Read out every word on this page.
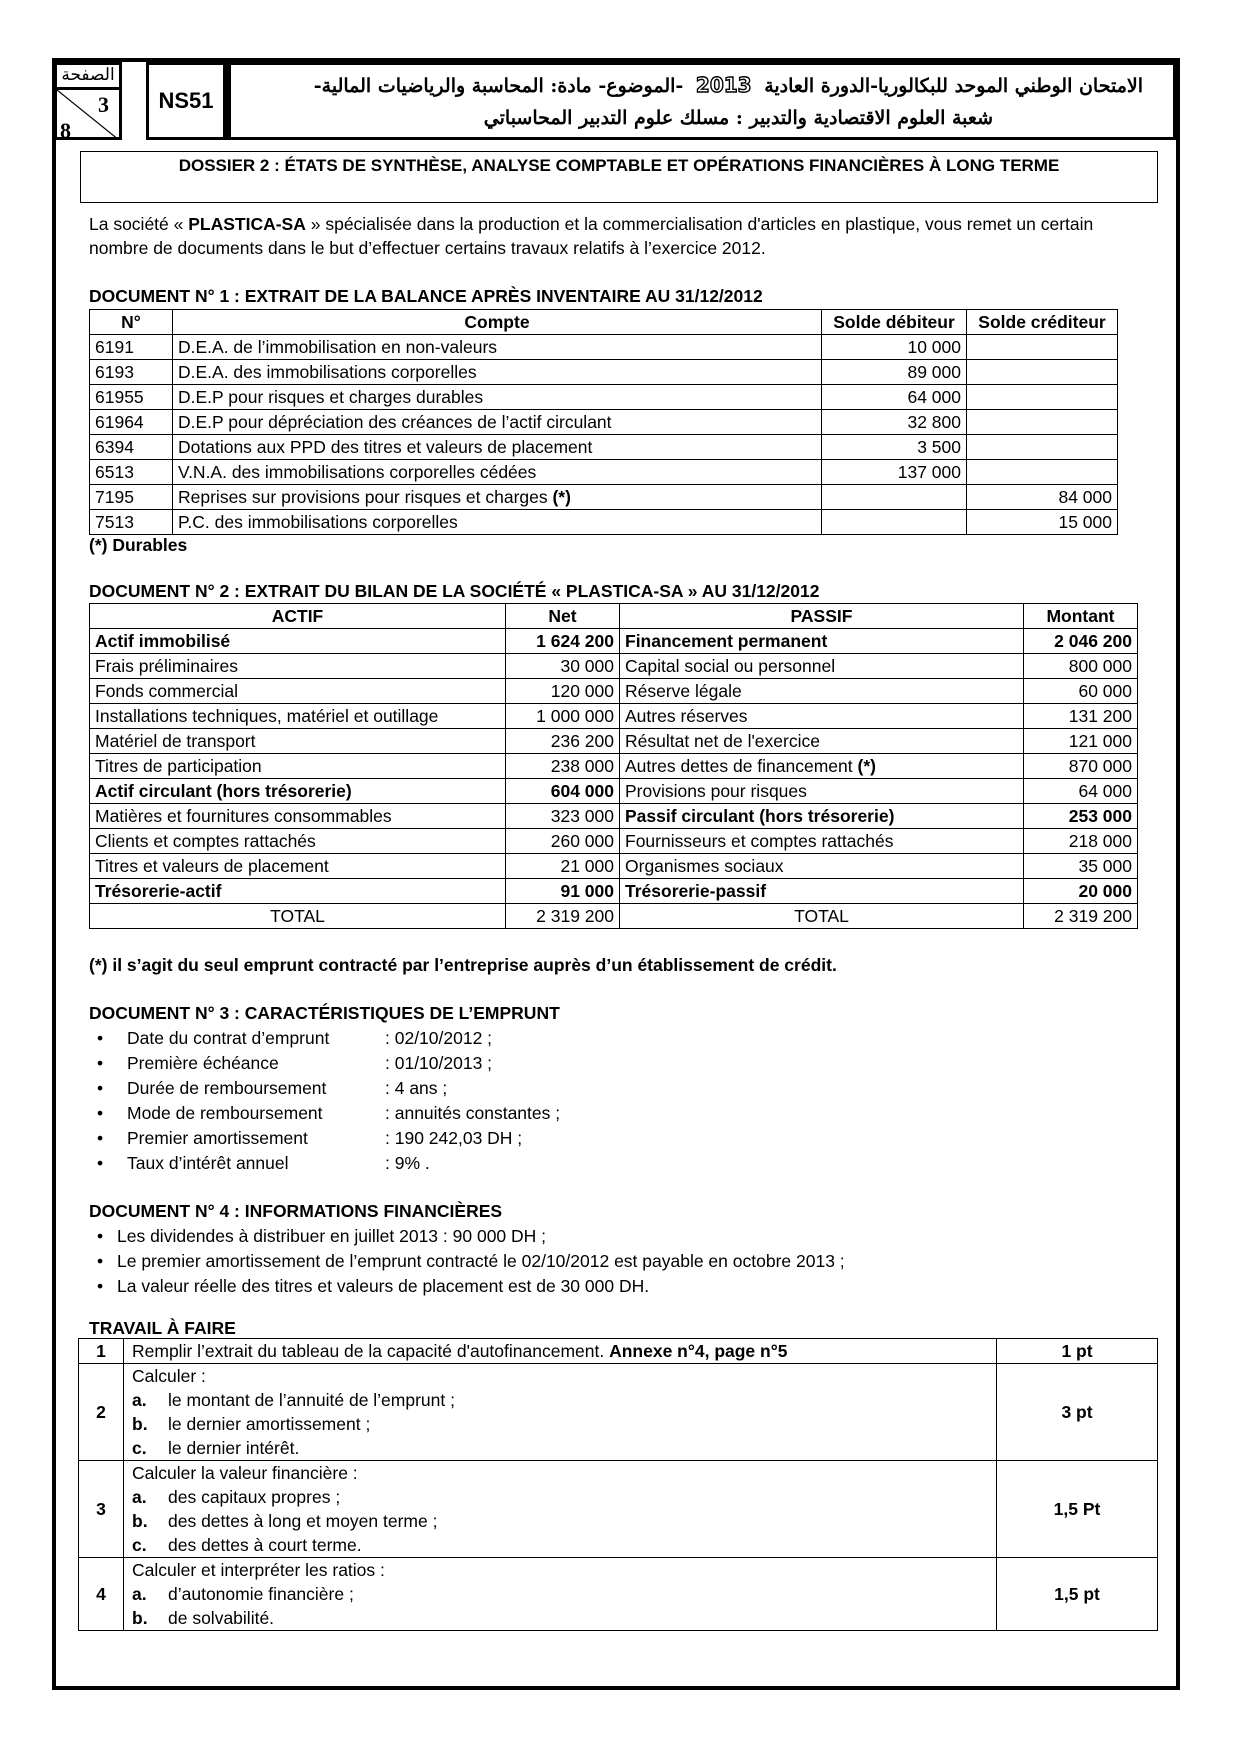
الصفحة
3
8
NS51
الامتحان الوطني الموحد للبكالوريا-الدورة العادية 2013 -الموضوع- مادة: المحاسبة والرياضيات المالية-
شعبة العلوم الاقتصادية والتدبير : مسلك علوم التدبير المحاسباتي
DOSSIER 2 : ÉTATS DE SYNTHÈSE, ANALYSE COMPTABLE ET OPÉRATIONS FINANCIÈRES À LONG TERME
La société « PLASTICA-SA » spécialisée dans la production et la commercialisation d'articles en plastique, vous remet un certain nombre de documents dans le but d’effectuer certains travaux relatifs à l’exercice 2012.
DOCUMENT N° 1 : EXTRAIT DE LA BALANCE APRÈS INVENTAIRE AU 31/12/2012
N°	Compte	Solde débiteur	Solde créditeur
6191	D.E.A. de l’immobilisation en non-valeurs	10 000	
6193	D.E.A. des immobilisations corporelles	89 000	
61955	D.E.P pour risques et charges durables	64 000	
61964	D.E.P pour dépréciation des créances de l’actif circulant	32 800	
6394	Dotations aux PPD des titres et valeurs de placement	3 500	
6513	V.N.A. des immobilisations corporelles cédées	137 000	
7195	Reprises sur provisions pour risques et charges (*)		84 000
7513	P.C. des immobilisations corporelles		15 000
(*) Durables
DOCUMENT N° 2 : EXTRAIT DU BILAN DE LA SOCIÉTÉ « PLASTICA-SA » AU 31/12/2012
ACTIF	Net	PASSIF	Montant
Actif immobilisé	1 624 200	Financement permanent	2 046 200
Frais préliminaires	30 000	Capital social ou personnel	800 000
Fonds commercial	120 000	Réserve légale	60 000
Installations techniques, matériel et outillage	1 000 000	Autres réserves	131 200
Matériel de transport	236 200	Résultat net de l'exercice	121 000
Titres de participation	238 000	Autres dettes de financement (*)	870 000
Actif circulant (hors trésorerie)	604 000	Provisions pour risques	64 000
Matières et fournitures consommables	323 000	Passif circulant (hors trésorerie)	253 000
Clients et comptes rattachés	260 000	Fournisseurs et comptes rattachés	218 000
Titres et valeurs de placement	21 000	Organismes sociaux	35 000
Trésorerie-actif	91 000	Trésorerie-passif	20 000
TOTAL	2 319 200	TOTAL	2 319 200
(*) il s’agit du seul emprunt contracté par l’entreprise auprès d’un établissement de crédit.
DOCUMENT N° 3 : CARACTÉRISTIQUES DE L’EMPRUNT
• Date du contrat d’emprunt	: 02/10/2012 ;
• Première échéance	: 01/10/2013 ;
• Durée de remboursement	: 4 ans ;
• Mode de remboursement	: annuités constantes ;
• Premier amortissement	: 190 242,03 DH ;
• Taux d’intérêt annuel	: 9% .
DOCUMENT N° 4 : INFORMATIONS FINANCIÈRES
• Les dividendes à distribuer en juillet 2013 : 90 000 DH ;
• Le premier amortissement de l’emprunt contracté le 02/10/2012 est payable en octobre 2013 ;
• La valeur réelle des titres et valeurs de placement est de 30 000 DH.
TRAVAIL À FAIRE
1	Remplir l’extrait du tableau de la capacité d'autofinancement. Annexe n°4, page n°5	1 pt
2	Calculer :
a. le montant de l’annuité de l’emprunt ;
b. le dernier amortissement ;
c. le dernier intérêt.	3 pt
3	Calculer la valeur financière :
a. des capitaux propres ;
b. des dettes à long et moyen terme ;
c. des dettes à court terme.	1,5 Pt
4	Calculer et interpréter les ratios :
a. d’autonomie financière ;
b. de solvabilité.	1,5 pt
